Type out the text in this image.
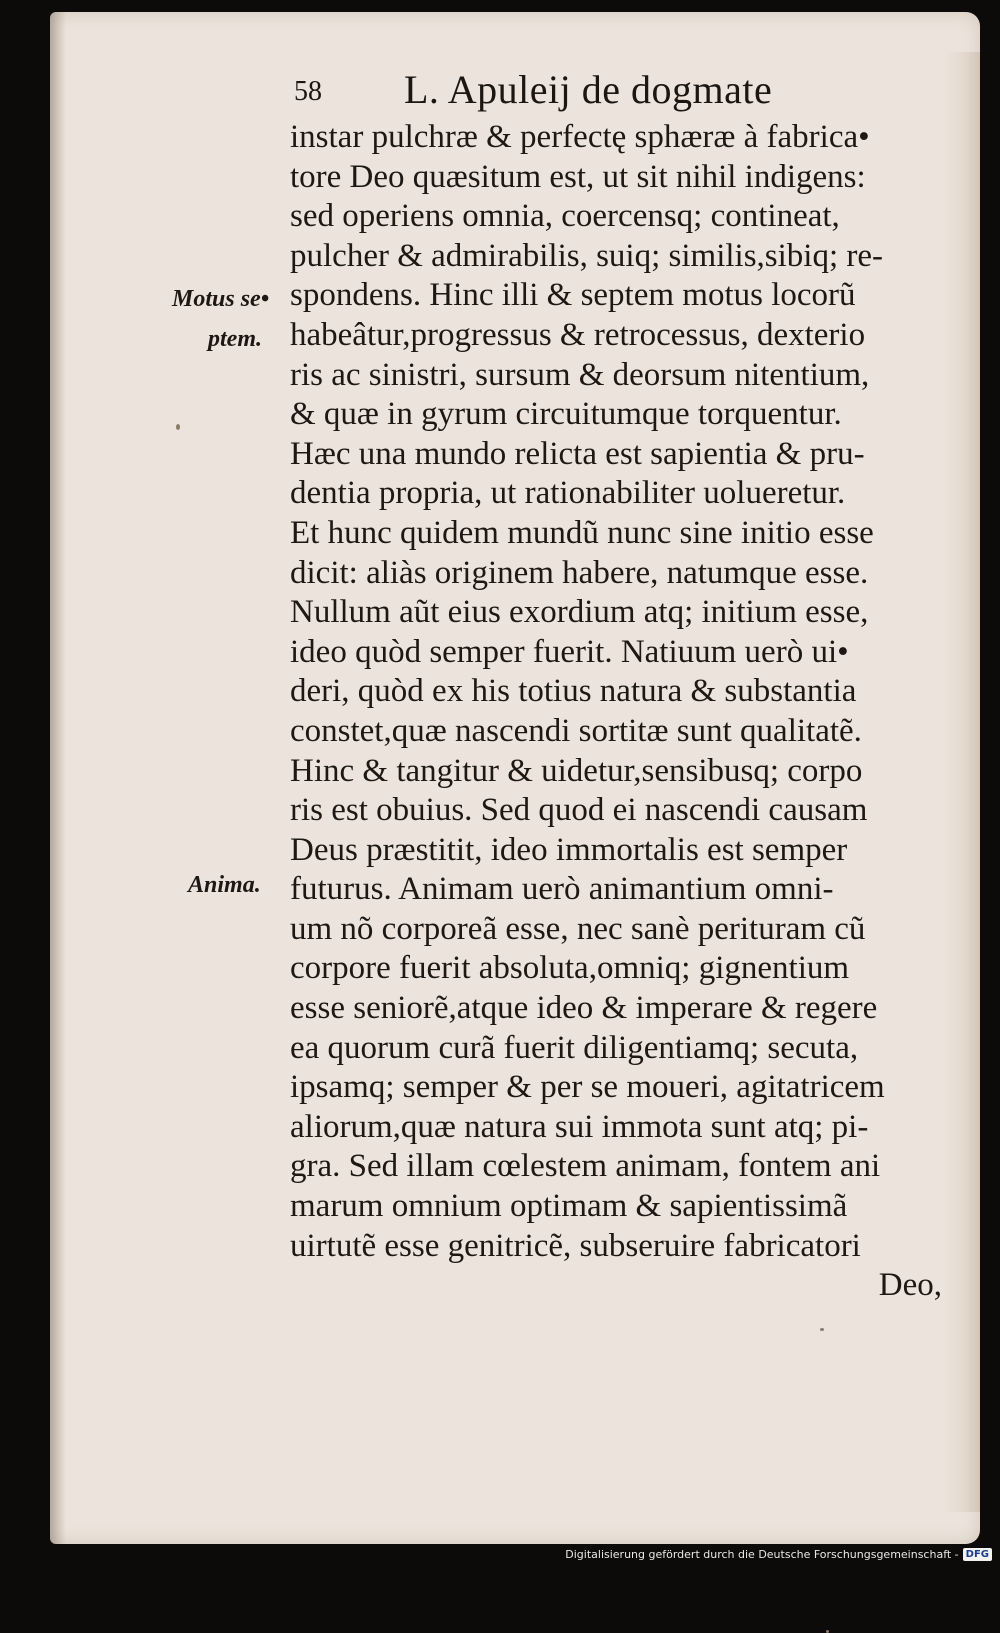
58 L. Apuleij de dogmate
Motus se•
ptem.
Anima.
instar pulchræ & perfectę sphæræ à fabrica•
tore Deo quæsitum est, ut sit nihil indigens:
sed operiens omnia, coercensq; contineat,
pulcher & admirabilis, suiq; similis,sibiq; re-
spondens. Hinc illi & septem motus locorũ
habeâtur,progressus & retrocessus, dexterio
ris ac sinistri, sursum & deorsum nitentium,
& quæ in gyrum circuitumque torquentur.
Hæc una mundo relicta est sapientia & pru-
dentia propria, ut rationabiliter uolueretur.
Et hunc quidem mundũ nunc sine initio esse
dicit: aliàs originem habere, natumque esse.
Nullum aũt eius exordium atq; initium esse,
ideo quòd semper fuerit. Natiuum uerò ui•
deri, quòd ex his totius natura & substantia
constet,quæ nascendi sortitæ sunt qualitatẽ.
Hinc & tangitur & uidetur,sensibusq; corpo
ris est obuius. Sed quod ei nascendi causam
Deus præstitit, ideo immortalis est semper
futurus. Animam uerò animantium omni-
um nõ corporeã esse, nec sanè perituram cũ
corpore fuerit absoluta,omniq; gignentium
esse seniorẽ,atque ideo & imperare & regere
ea quorum curã fuerit diligentiamq; secuta,
ipsamq; semper & per se moueri, agitatricem
aliorum,quæ natura sui immota sunt atq; pi-
gra. Sed illam cœlestem animam, fontem ani
marum omnium optimam & sapientissimã
uirtutẽ esse genitricẽ, subseruire fabricatori
Deo,
Digitalisierung gefördert durch die Deutsche Forschungsgemeinschaft - DFG
